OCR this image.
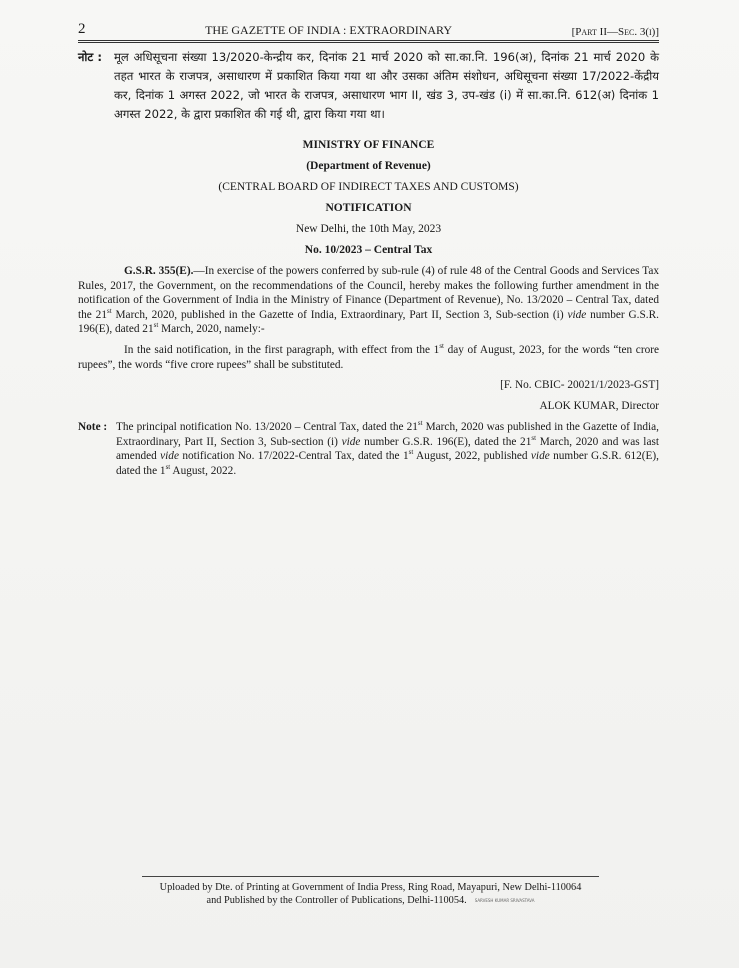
2	THE GAZETTE OF INDIA : EXTRAORDINARY	[Part II—Sec. 3(i)]
नोट :	मूल अधिसूचना संख्या 13/2020-केन्द्रीय कर, दिनांक 21 मार्च 2020 को सा.का.नि. 196(अ), दिनांक 21 मार्च 2020 के तहत भारत के राजपत्र, असाधारण में प्रकाशित किया गया था और उसका अंतिम संशोधन, अधिसूचना संख्या 17/2022-केंद्रीय कर, दिनांक 1 अगस्त 2022, जो भारत के राजपत्र, असाधारण भाग II, खंड 3, उप-खंड (i) में सा.का.नि. 612(अ) दिनांक 1 अगस्त 2022, के द्वारा प्रकाशित की गई थी, द्वारा किया गया था।
MINISTRY OF FINANCE
(Department of Revenue)
(CENTRAL BOARD OF INDIRECT TAXES AND CUSTOMS)
NOTIFICATION
New Delhi, the 10th May, 2023
No. 10/2023 – Central Tax
G.S.R. 355(E).—In exercise of the powers conferred by sub-rule (4) of rule 48 of the Central Goods and Services Tax Rules, 2017, the Government, on the recommendations of the Council, hereby makes the following further amendment in the notification of the Government of India in the Ministry of Finance (Department of Revenue), No. 13/2020 – Central Tax, dated the 21st March, 2020, published in the Gazette of India, Extraordinary, Part II, Section 3, Sub-section (i) vide number G.S.R. 196(E), dated 21st March, 2020, namely:-
In the said notification, in the first paragraph, with effect from the 1st day of August, 2023, for the words “ten crore rupees”, the words “five crore rupees” shall be substituted.
[F. No. CBIC- 20021/1/2023-GST]
ALOK KUMAR, Director
Note : The principal notification No. 13/2020 – Central Tax, dated the 21st March, 2020 was published in the Gazette of India, Extraordinary, Part II, Section 3, Sub-section (i) vide number G.S.R. 196(E), dated the 21st March, 2020 and was last amended vide notification No. 17/2022-Central Tax, dated the 1st August, 2022, published vide number G.S.R. 612(E), dated the 1st August, 2022.
Uploaded by Dte. of Printing at Government of India Press, Ring Road, Mayapuri, New Delhi-110064
and Published by the Controller of Publications, Delhi-110054. SARVESH KUMAR SRIVASTAVA
